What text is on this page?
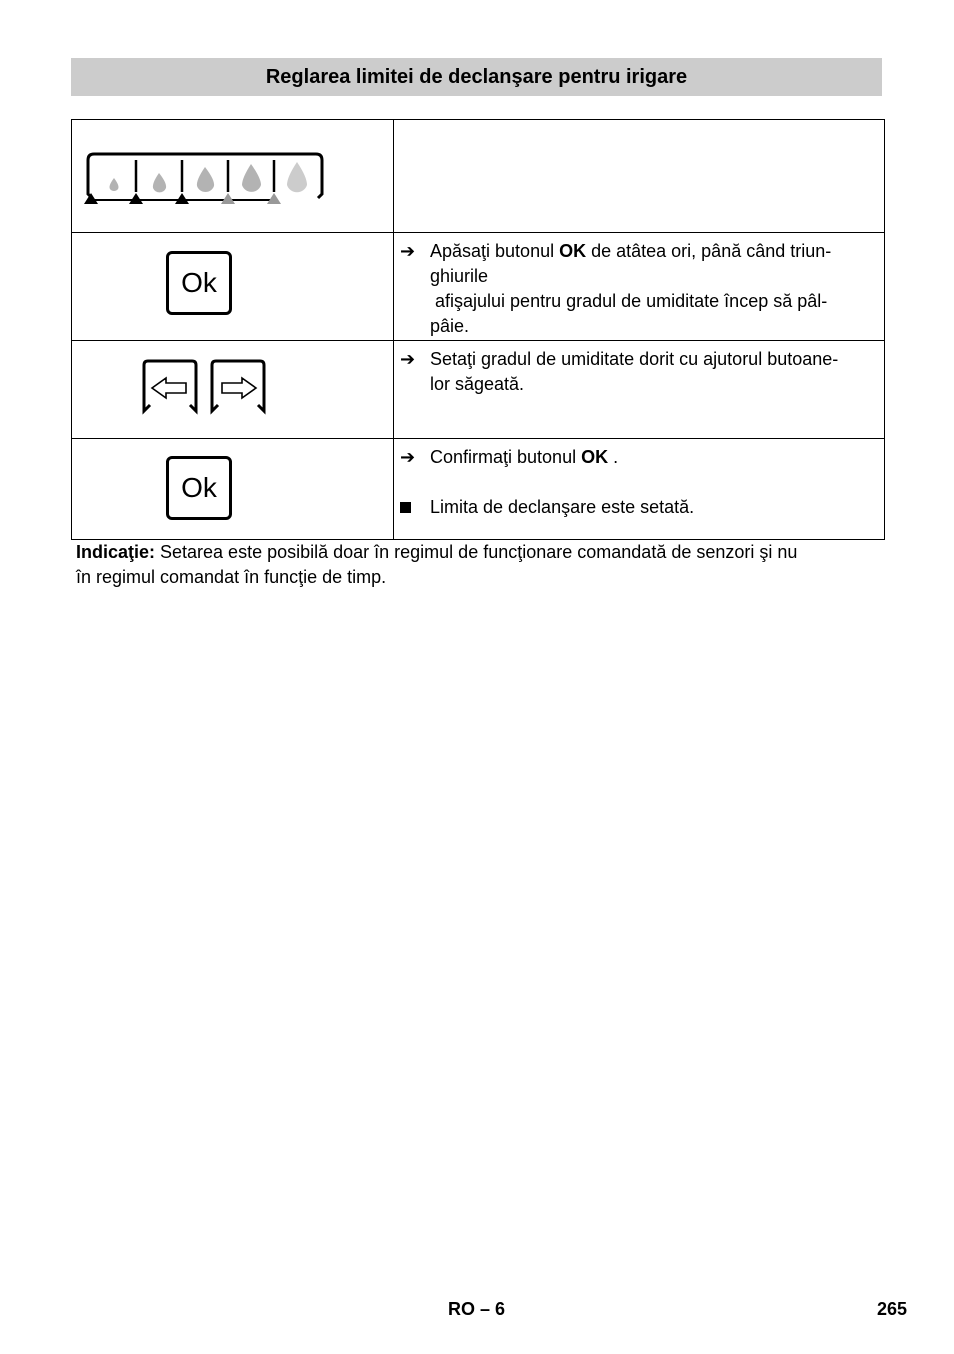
Reglarea limitei de declanşare pentru irigare

Ok	➔ Apăsaţi butonul OK de atâtea ori, până când triun-
ghiurile
afişajului pentru gradul de umiditate încep să pâl-
pâie.

➔ Setaţi gradul de umiditate dorit cu ajutorul butoane-
lor săgeată.

Ok	➔ Confirmaţi butonul OK .
Limita de declanşare este setată.
Indicaţie: Setarea este posibilă doar în regimul de funcţionare comandată de senzori şi nu
în regimul comandat în funcţie de timp.
RO – 6	265
